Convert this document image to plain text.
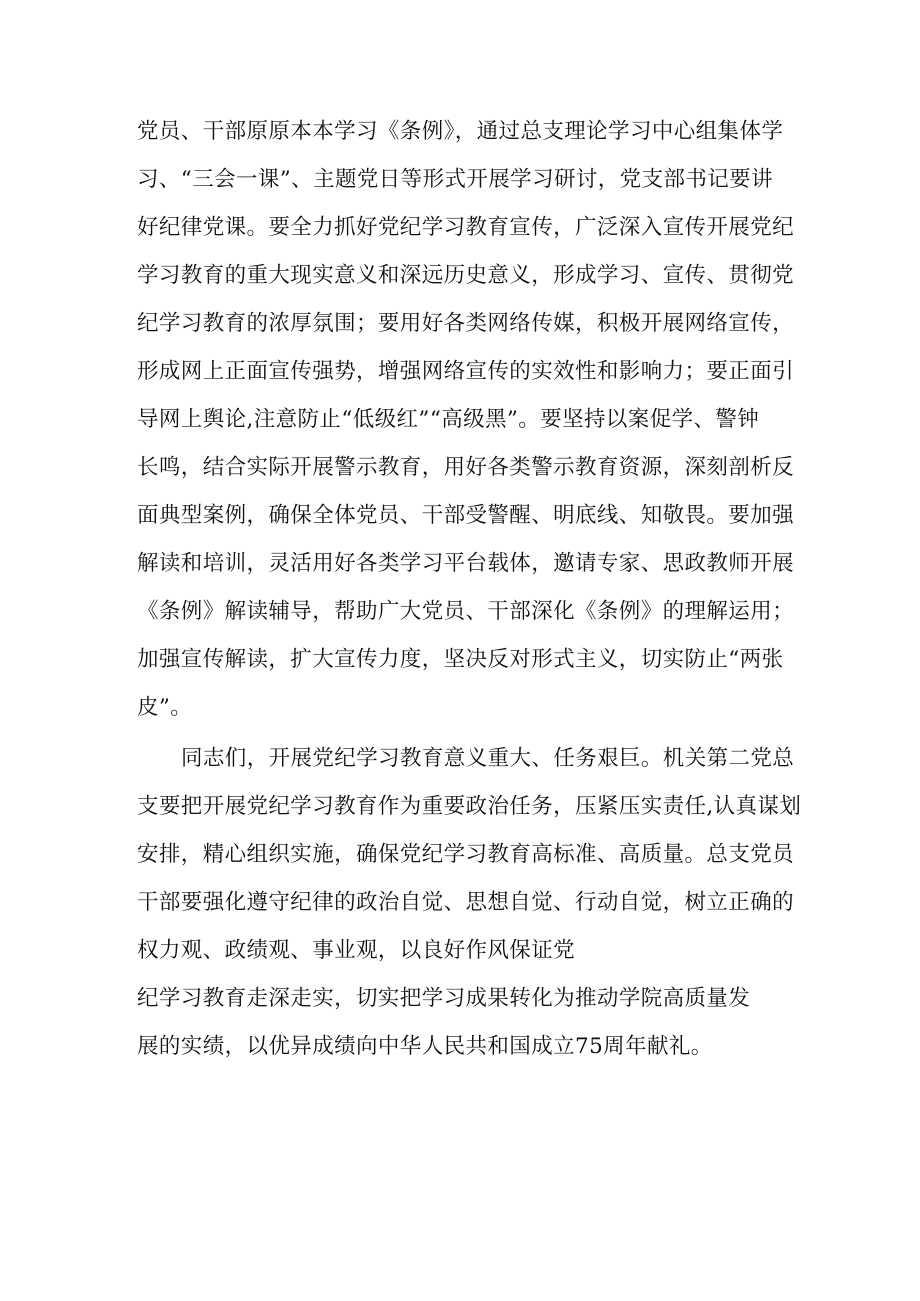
党员、干部原原本本学习《条例》，通过总支理论学习中心组集体学
习、“三会一课”、主题党日等形式开展学习研讨，党支部书记要讲
好纪律党课。要全力抓好党纪学习教育宣传，广泛深入宣传开展党纪
学习教育的重大现实意义和深远历史意义，形成学习、宣传、贯彻党
纪学习教育的浓厚氛围；要用好各类网络传媒，积极开展网络宣传，
形成网上正面宣传强势，增强网络宣传的实效性和影响力；要正面引
导网上舆论,注意防止“低级红”“高级黑”。要坚持以案促学、警钟
长鸣，结合实际开展警示教育，用好各类警示教育资源，深刻剖析反
面典型案例，确保全体党员、干部受警醒、明底线、知敬畏。要加强
解读和培训，灵活用好各类学习平台载体，邀请专家、思政教师开展
《条例》解读辅导，帮助广大党员、干部深化《条例》的理解运用；
加强宣传解读，扩大宣传力度，坚决反对形式主义，切实防止“两张
皮”。
同志们，开展党纪学习教育意义重大、任务艰巨。机关第二党总
支要把开展党纪学习教育作为重要政治任务，压紧压实责任,认真谋划
安排，精心组织实施，确保党纪学习教育高标准、高质量。总支党员
干部要强化遵守纪律的政治自觉、思想自觉、行动自觉，树立正确的
权力观、政绩观、事业观，以良好作风保证党
纪学习教育走深走实，切实把学习成果转化为推动学院高质量发
展的实绩，以优异成绩向中华人民共和国成立75周年献礼。
